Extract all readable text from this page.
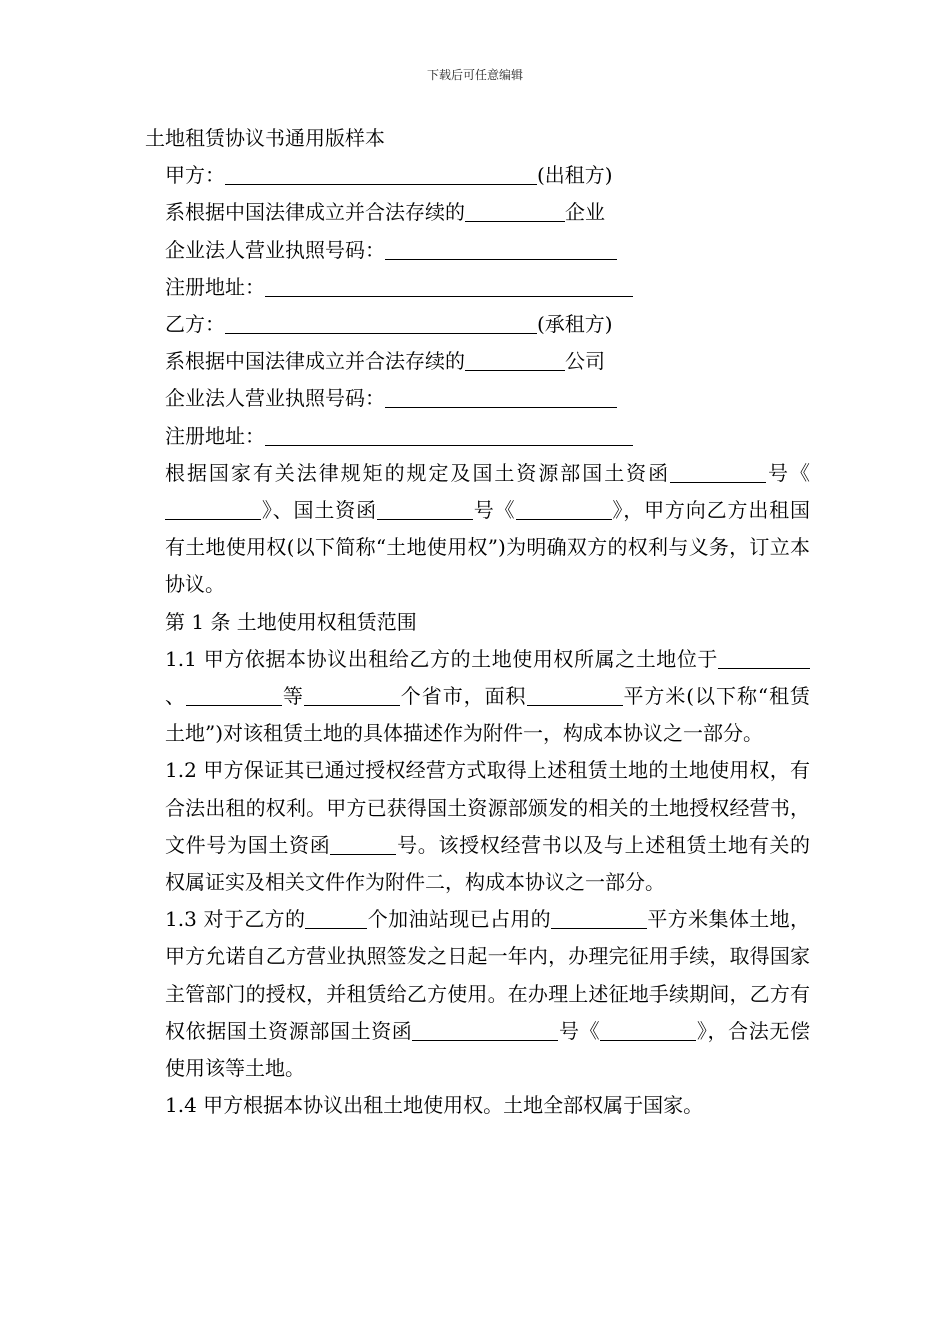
下载后可任意编辑

土地租赁协议书通用版样本

甲方：	(出租方)

系根据中国法律成立并合法存续的	企业

企业法人营业执照号码：

注册地址：

乙方：	(承租方)

系根据中国法律成立并合法存续的	公司

企业法人营业执照号码：

注册地址：

根据国家有关法律规矩的规定及国土资源部国土资函	号《》、国土资函	号《	》，甲方向乙方出租国有土地使用权(以下简称“土地使用权”)为明确双方的权利与义务，订立本协议。

第 1 条 土地使用权租赁范围

1.1 甲方依据本协议出租给乙方的土地使用权所属之土地位于、	等	个省市，面积	平方米(以下称“租赁土地”)对该租赁土地的具体描述作为附件一，构成本协议之一部分。

1.2 甲方保证其已通过授权经营方式取得上述租赁土地的土地使用权，有合法出租的权利。甲方已获得国土资源部颁发的相关的土地授权经营书，文件号为国土资函	号。该授权经营书以及与上述租赁土地有关的权属证实及相关文件作为附件二，构成本协议之一部分。

1.3 对于乙方的	个加油站现已占用的	平方米集体土地，甲方允诺自乙方营业执照签发之日起一年内，办理完征用手续，取得国家主管部门的授权，并租赁给乙方使用。在办理上述征地手续期间，乙方有权依据国土资源部国土资函	号《	》，合法无偿使用该等土地。

1.4 甲方根据本协议出租土地使用权。土地全部权属于国家。
